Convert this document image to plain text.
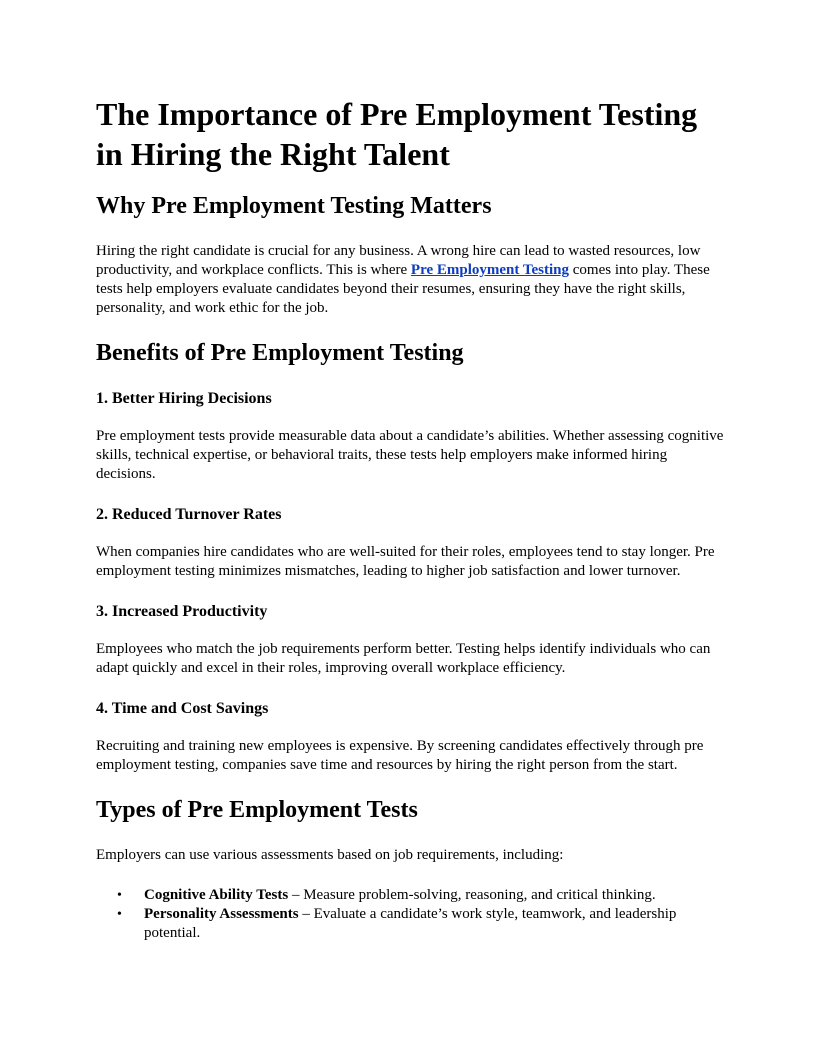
The Importance of Pre Employment Testing in Hiring the Right Talent
Why Pre Employment Testing Matters

Hiring the right candidate is crucial for any business. A wrong hire can lead to wasted resources, low productivity, and workplace conflicts. This is where Pre Employment Testing comes into play. These tests help employers evaluate candidates beyond their resumes, ensuring they have the right skills, personality, and work ethic for the job.

Benefits of Pre Employment Testing
1. Better Hiring Decisions

Pre employment tests provide measurable data about a candidate’s abilities. Whether assessing cognitive skills, technical expertise, or behavioral traits, these tests help employers make informed hiring decisions.

2. Reduced Turnover Rates

When companies hire candidates who are well-suited for their roles, employees tend to stay longer. Pre employment testing minimizes mismatches, leading to higher job satisfaction and lower turnover.

3. Increased Productivity

Employees who match the job requirements perform better. Testing helps identify individuals who can adapt quickly and excel in their roles, improving overall workplace efficiency.

4. Time and Cost Savings

Recruiting and training new employees is expensive. By screening candidates effectively through pre employment testing, companies save time and resources by hiring the right person from the start.

Types of Pre Employment Tests

Employers can use various assessments based on job requirements, including:

• Cognitive Ability Tests – Measure problem-solving, reasoning, and critical thinking.
• Personality Assessments – Evaluate a candidate’s work style, teamwork, and leadership potential.
